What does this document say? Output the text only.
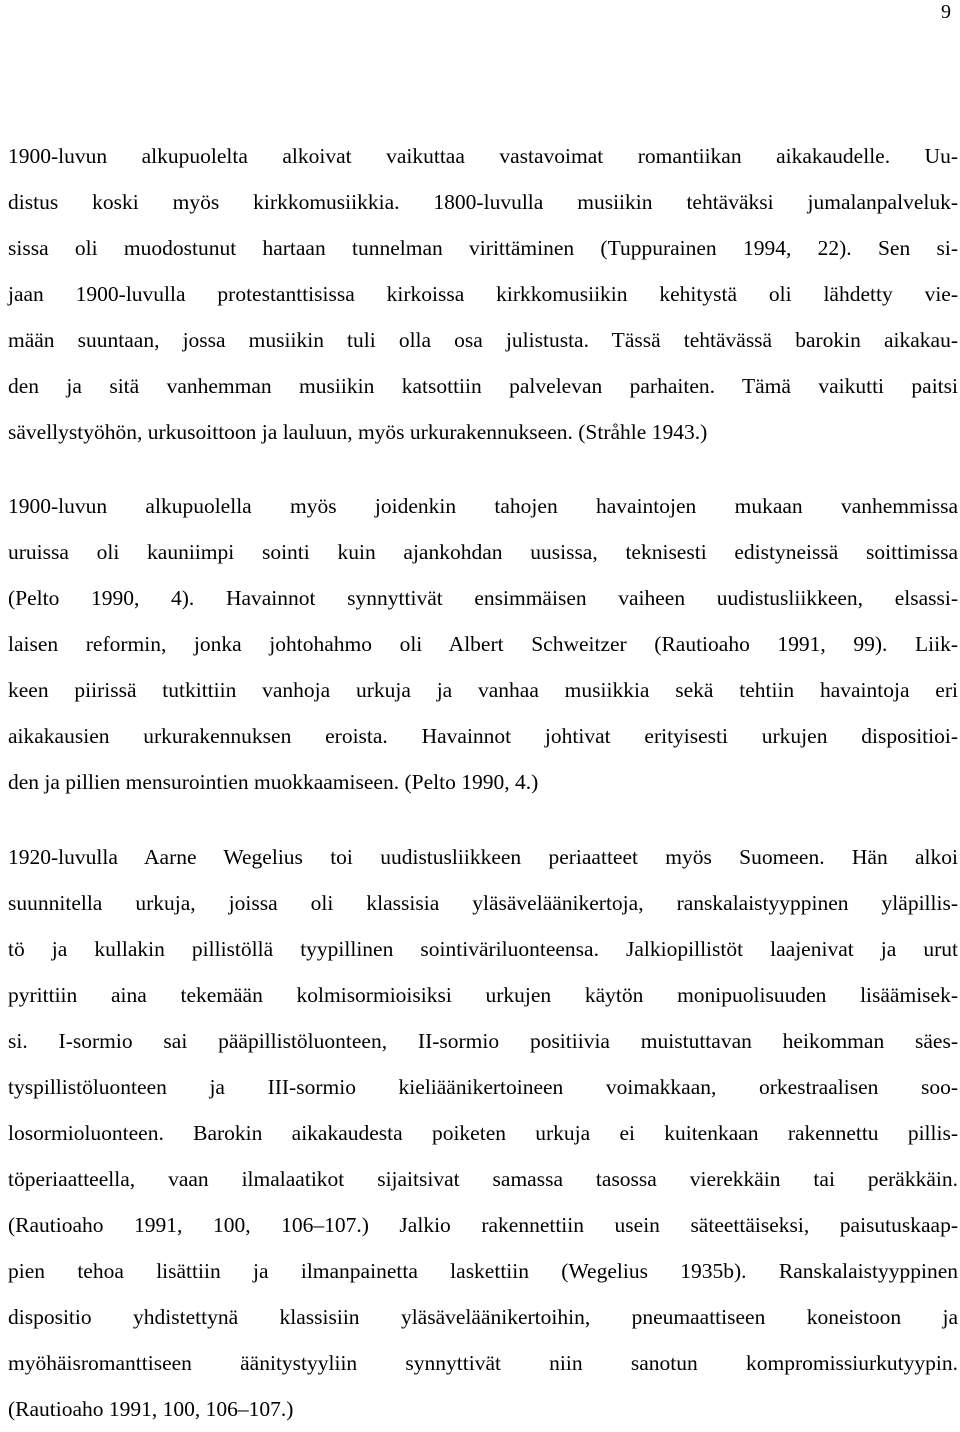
9
1900-luvun alkupuolelta alkoivat vaikuttaa vastavoimat romantiikan aikakaudelle. Uu-
distus koski myös kirkkomusiikkia. 1800-luvulla musiikin tehtäväksi jumalanpalveluk-
sissa oli muodostunut hartaan tunnelman virittäminen (Tuppurainen 1994, 22). Sen si-
jaan 1900-luvulla protestanttisissa kirkoissa kirkkomusiikin kehitystä oli lähdetty vie-
mään suuntaan, jossa musiikin tuli olla osa julistusta. Tässä tehtävässä barokin aikakau-
den ja sitä vanhemman musiikin katsottiin palvelevan parhaiten. Tämä vaikutti paitsi
sävellystyöhön, urkusoittoon ja lauluun, myös urkurakennukseen. (Stråhle 1943.)
1900-luvun alkupuolella myös joidenkin tahojen havaintojen mukaan vanhemmissa
uruissa oli kauniimpi sointi kuin ajankohdan uusissa, teknisesti edistyneissä soittimissa
(Pelto 1990, 4). Havainnot synnyttivät ensimmäisen vaiheen uudistusliikkeen, elsassi-
laisen reformin, jonka johtohahmo oli Albert Schweitzer (Rautioaho 1991, 99). Liik-
keen piirissä tutkittiin vanhoja urkuja ja vanhaa musiikkia sekä tehtiin havaintoja eri
aikakausien urkurakennuksen eroista. Havainnot johtivat erityisesti urkujen dispositioi-
den ja pillien mensurointien muokkaamiseen. (Pelto 1990, 4.)
1920-luvulla Aarne Wegelius toi uudistusliikkeen periaatteet myös Suomeen. Hän alkoi
suunnitella urkuja, joissa oli klassisia yläsäveläänikertoja, ranskalaistyyppinen yläpillis-
tö ja kullakin pillistöllä tyypillinen sointiväriluonteensa. Jalkiopillistöt laajenivat ja urut
pyrittiin aina tekemään kolmisormioisiksi urkujen käytön monipuolisuuden lisäämisek-
si. I-sormio sai pääpillistöluonteen, II-sormio positiivia muistuttavan heikomman säes-
tyspillistöluonteen ja III-sormio kieliäänikertoineen voimakkaan, orkestraalisen soo-
losormioluonteen. Barokin aikakaudesta poiketen urkuja ei kuitenkaan rakennettu pillis-
töperiaatteella, vaan ilmalaatikot sijaitsivat samassa tasossa vierekkäin tai peräkkäin.
(Rautioaho 1991, 100, 106–107.) Jalkio rakennettiin usein säteettäiseksi, paisutuskaap-
pien tehoa lisättiin ja ilmanpainetta laskettiin (Wegelius 1935b). Ranskalaistyyppinen
dispositio yhdistettynä klassisiin yläsäveläänikertoihin, pneumaattiseen koneistoon ja
myöhäisromanttiseen äänitystyyliin synnyttivät niin sanotun kompromissiurkutyypin.
(Rautioaho 1991, 100, 106–107.)
